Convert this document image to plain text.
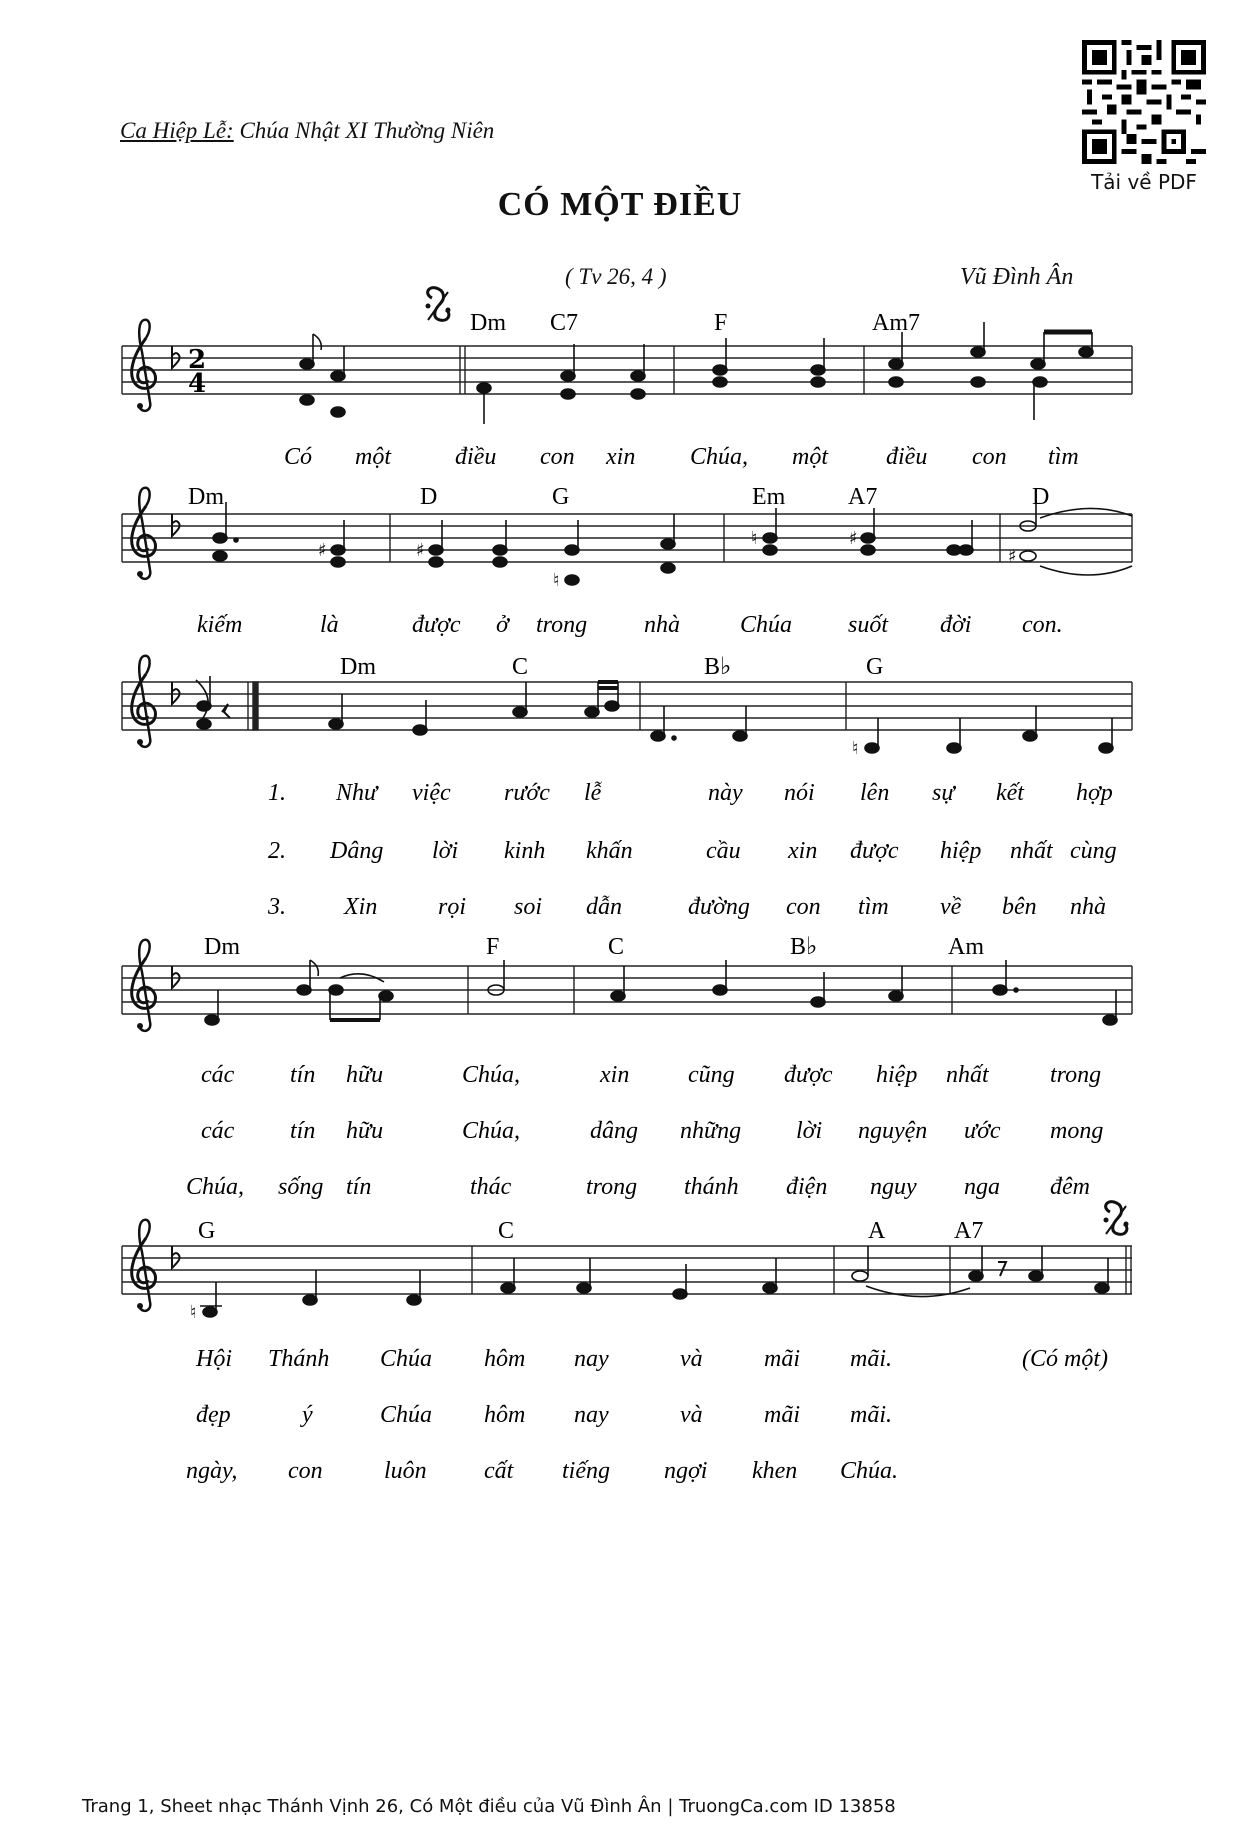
Ca Hiệp Lễ: Chúa Nhật XI Thường Niên
CÓ MỘT ĐIỀU
( Tv 26, 4 )	Vũ Đình Ân
Tải về PDF
2
4
Dm C7	F	Am7
Có một	điều con xin Chúa, một điều con tìm
♯	♯
♮
♮	♯
♯
Dm	D	G	Em	A7	D
kiếm	là	được ở trong nhà	Chúa suốt đời con.
♮
Dm	C	B♭	G
1. Như việc rước lễ	này nói lên sự kết hợp
2. Dâng lời kinh khấn	cầu xin được hiệp nhất cùng
3. Xin	rọi soi dẫn	đường con tìm về bên nhà
Dm	F	C	B♭	Am
các tín hữu	Chúa,	xin cũng được hiệp nhất	trong
các tín hữu	Chúa,	dâng những lời nguyện ước mong
Chúa, sống tín	thác	trong thánh điện nguy nga đêm
♮
G	C	A	A7
Hội Thánh Chúa hôm nay	và	mãi mãi.	(Có một)
đẹp	ý	Chúa hôm nay	và	mãi mãi.
ngày, con	luôn cất tiếng ngợi khen Chúa.
Trang 1, Sheet nhạc Thánh Vịnh 26, Có Một điều của Vũ Đình Ân | TruongCa.com ID 13858
